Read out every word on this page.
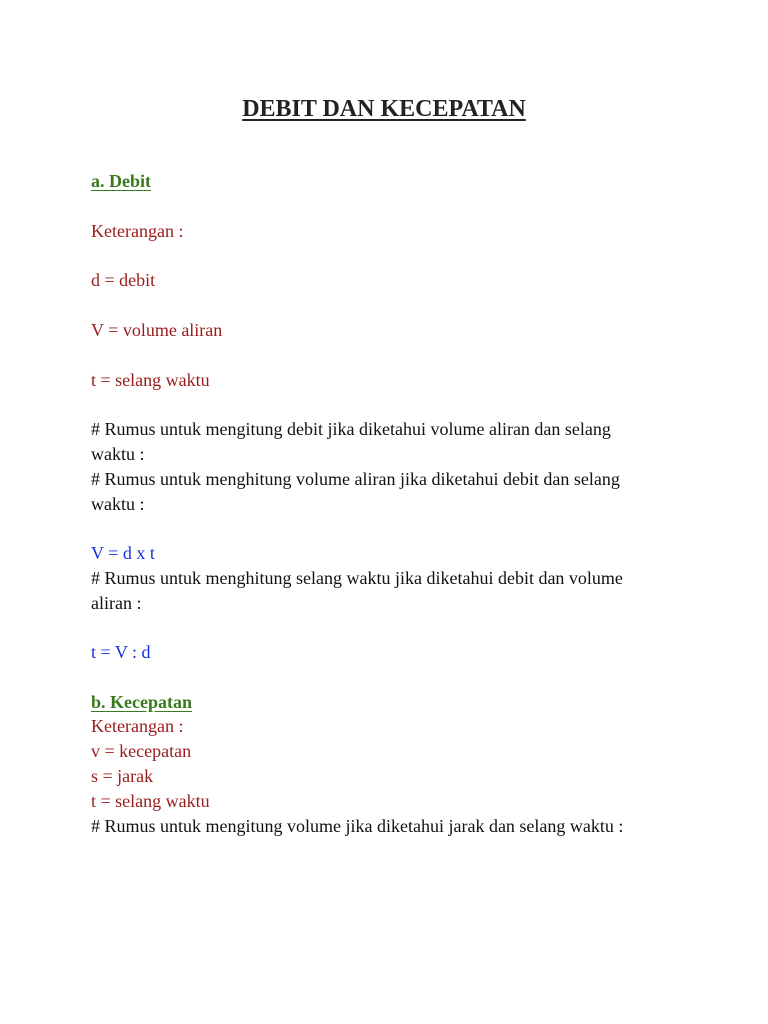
DEBIT DAN KECEPATAN

a. Debit

Keterangan :

d = debit

V = volume aliran

t = selang waktu

# Rumus untuk mengitung debit jika diketahui volume aliran dan selang

waktu :

# Rumus untuk menghitung volume aliran jika diketahui debit dan selang

waktu :

V = d x t

# Rumus untuk menghitung selang waktu jika diketahui debit dan volume

aliran :

t = V : d

b. Kecepatan

Keterangan :

v = kecepatan

s = jarak

t = selang waktu

# Rumus untuk mengitung volume jika diketahui jarak dan selang waktu :
